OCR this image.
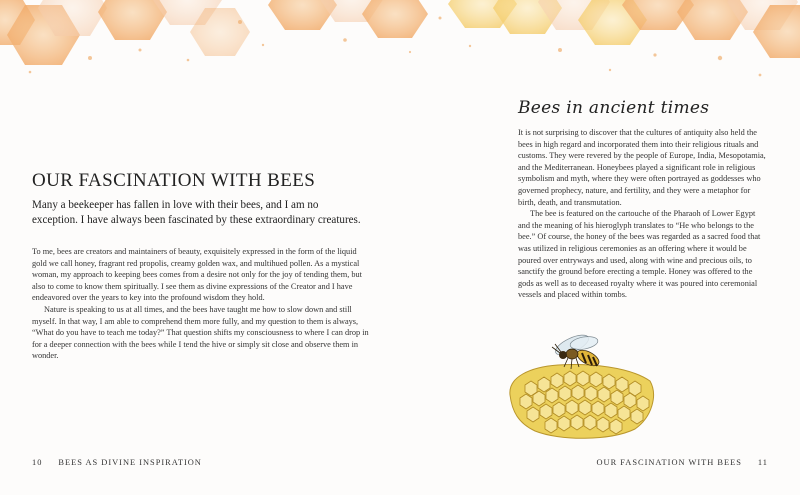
OUR FASCINATION WITH BEES

Many a beekeeper has fallen in love with their bees, and I am no exception. I have always been fascinated by these extraordinary creatures.

To me, bees are creators and maintainers of beauty, exquisitely expressed in the form of the liquid gold we call honey, fragrant red propolis, creamy golden wax, and multihued pollen. As a mystical woman, my approach to keeping bees comes from a desire not only for the joy of tending them, but also to come to know them spiritually. I see them as divine expressions of the Creator and I have endeavored over the years to key into the profound wisdom they hold.

Nature is speaking to us at all times, and the bees have taught me how to slow down and still myself. In that way, I am able to comprehend them more fully, and my question to them is always, “What do you have to teach me today?” That question shifts my consciousness to where I can drop in for a deeper connection with the bees while I tend the hive or simply sit close and observe them in wonder.

10 BEES AS DIVINE INSPIRATION
Bees in ancient times

It is not surprising to discover that the cultures of antiquity also held the bees in high regard and incorporated them into their religious rituals and customs. They were revered by the people of Europe, India, Mesopotamia, and the Mediterranean. Honeybees played a significant role in religious symbolism and myth, where they were often portrayed as goddesses who governed prophecy, nature, and fertility, and they were a metaphor for birth, death, and transmutation.

The bee is featured on the cartouche of the Pharaoh of Lower Egypt and the meaning of his hieroglyph translates to “He who belongs to the bee.” Of course, the honey of the bees was regarded as a sacred food that was utilized in religious ceremonies as an offering where it would be poured over entryways and used, along with wine and precious oils, to sanctify the ground before erecting a temple. Honey was offered to the gods as well as to deceased royalty where it was poured into ceremonial vessels and placed within tombs.

OUR FASCINATION WITH BEES 11
